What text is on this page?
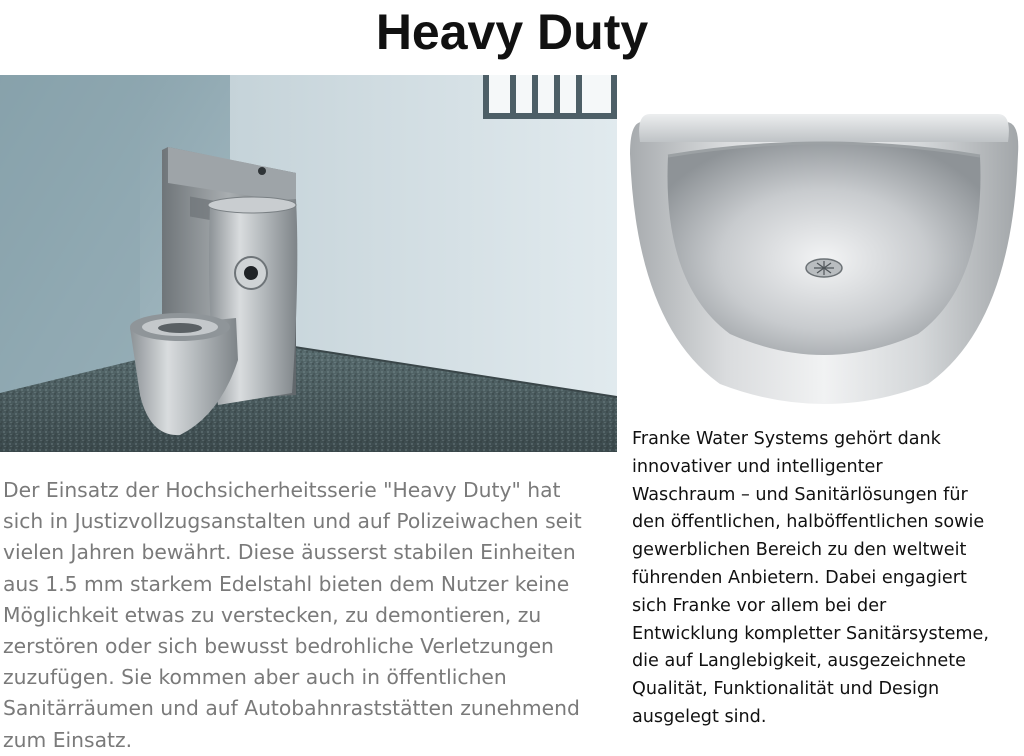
Heavy Duty
Der Einsatz der Hochsicherheitsserie "Heavy Duty" hat
sich in Justizvollzugsanstalten und auf Polizeiwachen seit
vielen Jahren bewährt. Diese äusserst stabilen Einheiten
aus 1.5 mm starkem Edelstahl bieten dem Nutzer keine
Möglichkeit etwas zu verstecken, zu demontieren, zu
zerstören oder sich bewusst bedrohliche Verletzungen
zuzufügen. Sie kommen aber auch in öffentlichen
Sanitärräumen und auf Autobahnraststätten zunehmend
zum Einsatz.
Franke Water Systems gehört dank
innovativer und intelligenter
Waschraum – und Sanitärlösungen für
den öffentlichen, halböffentlichen sowie
gewerblichen Bereich zu den weltweit
führenden Anbietern. Dabei engagiert
sich Franke vor allem bei der
Entwicklung kompletter Sanitärsysteme,
die auf Langlebigkeit, ausgezeichnete
Qualität, Funktionalität und Design
ausgelegt sind.
